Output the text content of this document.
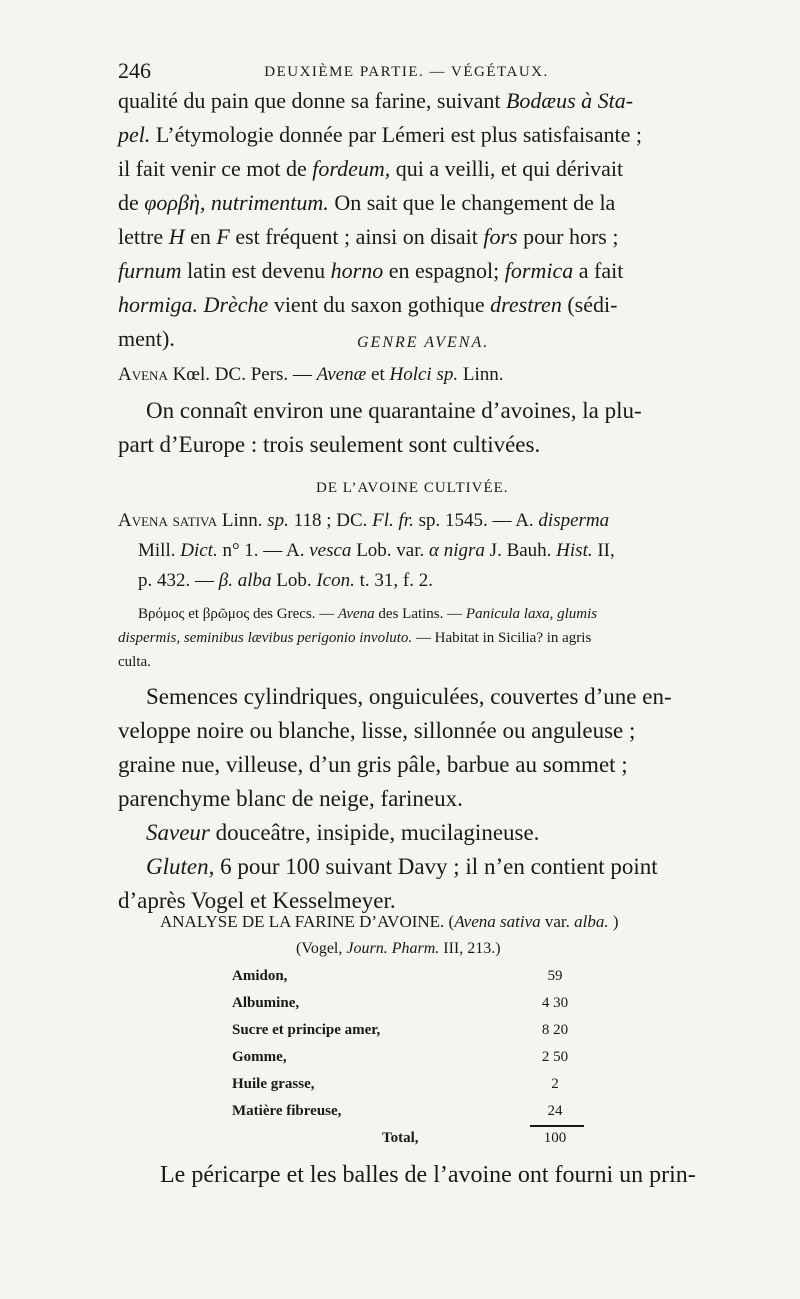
246	DEUXIÈME PARTIE. — VÉGÉTAUX.
qualité du pain que donne sa farine, suivant Bodæus à Sta-
pel. L’étymologie donnée par Lémeri est plus satisfaisante ;
il fait venir ce mot de fordeum, qui a veilli, et qui dérivait
de φορβὴ, nutrimentum. On sait que le changement de la
lettre H en F est fréquent ; ainsi on disait fors pour hors ;
furnum latin est devenu horno en espagnol; formica a fait
hormiga. Drèche vient du saxon gothique drestren (sédi-
ment).	GENRE AVENA.
Avena Kœl. DC. Pers. — Avenæ et Holci sp. Linn.
On connaît environ une quarantaine d’avoines, la plu-
part d’Europe : trois seulement sont cultivées.
DE L’AVOINE CULTIVÉE.
Avena sativa Linn. sp. 118 ; DC. Fl. fr. sp. 1545. — A. disperma
Mill. Dict. n° 1. — A. vesca Lob. var. α nigra J. Bauh. Hist. II,
p. 432. — β. alba Lob. Icon. t. 31, f. 2.
Βρόμος et βρῶμος des Grecs. — Avena des Latins. — Panicula laxa, glumis
dispermis, seminibus lævibus perigonio involuto. — Habitat in Sicilia? in agris
culta.
Semences cylindriques, onguiculées, couvertes d’une en-
veloppe noire ou blanche, lisse, sillonnée ou anguleuse ;
graine nue, villeuse, d’un gris pâle, barbue au sommet ;
parenchyme blanc de neige, farineux.
Saveur douceâtre, insipide, mucilagineuse.
Gluten, 6 pour 100 suivant Davy ; il n’en contient point
d’après Vogel et Kesselmeyer.
ANALYSE DE LA FARINE D’AVOINE. (Avena sativa var. alba. )
(Vogel, Journ. Pharm. III, 213.)
Amidon,	59
Albumine,	4 30
Sucre et principe amer,	8 20
Gomme,	2 50
Huile grasse,	2
Matière fibreuse,	24
Total,	100
Le péricarpe et les balles de l’avoine ont fourni un prin-
